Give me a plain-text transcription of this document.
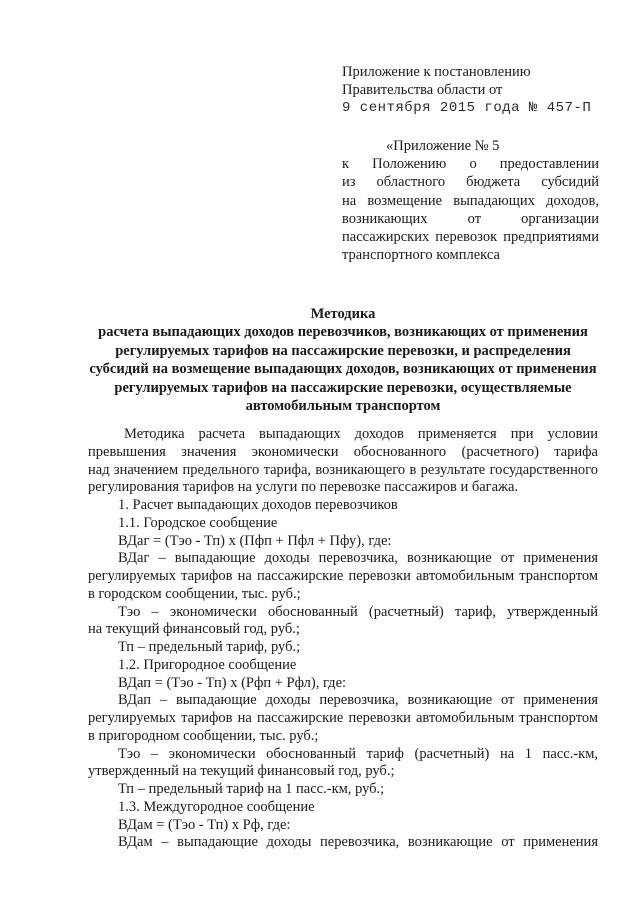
Приложение к постановлению
Правительства области от
9 сентября 2015 года № 457-П
«Приложение № 5
к Положению о предоставлении
из областного бюджета субсидий
на возмещение выпадающих доходов,
возникающих от организации
пассажирских перевозок предприятиями
транспортного комплекса
Методика
расчета выпадающих доходов перевозчиков, возникающих от применения
регулируемых тарифов на пассажирские перевозки, и распределения
субсидий на возмещение выпадающих доходов, возникающих от применения
регулируемых тарифов на пассажирские перевозки, осуществляемые
автомобильным транспортом
Методика расчета выпадающих доходов применяется при условии
превышения значения экономически обоснованного (расчетного) тарифа
над значением предельного тарифа, возникающего в результате государственного
регулирования тарифов на услуги по перевозке пассажиров и багажа.
1. Расчет выпадающих доходов перевозчиков
1.1. Городское сообщение
ВДаг = (Тэо - Тп) х (Пфп + Пфл + Пфу), где:
ВДаг – выпадающие доходы перевозчика, возникающие от применения
регулируемых тарифов на пассажирские перевозки автомобильным транспортом
в городском сообщении, тыс. руб.;
Тэо – экономически обоснованный (расчетный) тариф, утвержденный
на текущий финансовый год, руб.;
Тп – предельный тариф, руб.;
1.2. Пригородное сообщение
ВДап = (Тэо - Тп) х (Рфп + Рфл), где:
ВДап – выпадающие доходы перевозчика, возникающие от применения
регулируемых тарифов на пассажирские перевозки автомобильным транспортом
в пригородном сообщении, тыс. руб.;
Тэо – экономически обоснованный тариф (расчетный) на 1 пасс.-км,
утвержденный на текущий финансовый год, руб.;
Тп – предельный тариф на 1 пасс.-км, руб.;
1.3. Междугородное сообщение
ВДам = (Тэо - Тп) х Рф, где:
ВДам – выпадающие доходы перевозчика, возникающие от применения
